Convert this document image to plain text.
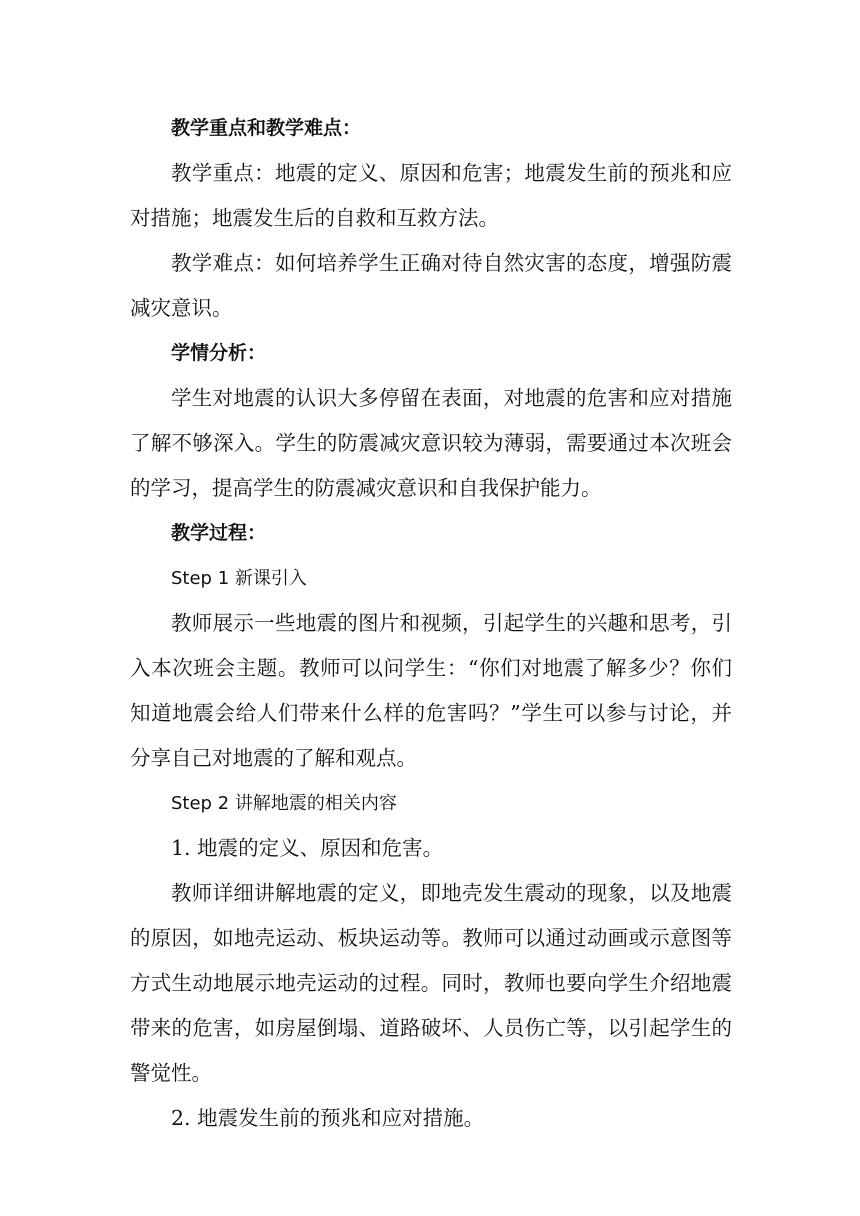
教学重点和教学难点：

教学重点：地震的定义、原因和危害；地震发生前的预兆和应对措施；地震发生后的自救和互救方法。

教学难点：如何培养学生正确对待自然灾害的态度，增强防震减灾意识。

学情分析：

学生对地震的认识大多停留在表面，对地震的危害和应对措施了解不够深入。学生的防震减灾意识较为薄弱，需要通过本次班会的学习，提高学生的防震减灾意识和自我保护能力。

教学过程：

Step 1 新课引入

教师展示一些地震的图片和视频，引起学生的兴趣和思考，引入本次班会主题。教师可以问学生：“你们对地震了解多少？你们知道地震会给人们带来什么样的危害吗？”学生可以参与讨论，并分享自己对地震的了解和观点。

Step 2 讲解地震的相关内容

1. 地震的定义、原因和危害。

教师详细讲解地震的定义，即地壳发生震动的现象，以及地震的原因，如地壳运动、板块运动等。教师可以通过动画或示意图等方式生动地展示地壳运动的过程。同时，教师也要向学生介绍地震带来的危害，如房屋倒塌、道路破坏、人员伤亡等，以引起学生的警觉性。

2. 地震发生前的预兆和应对措施。
